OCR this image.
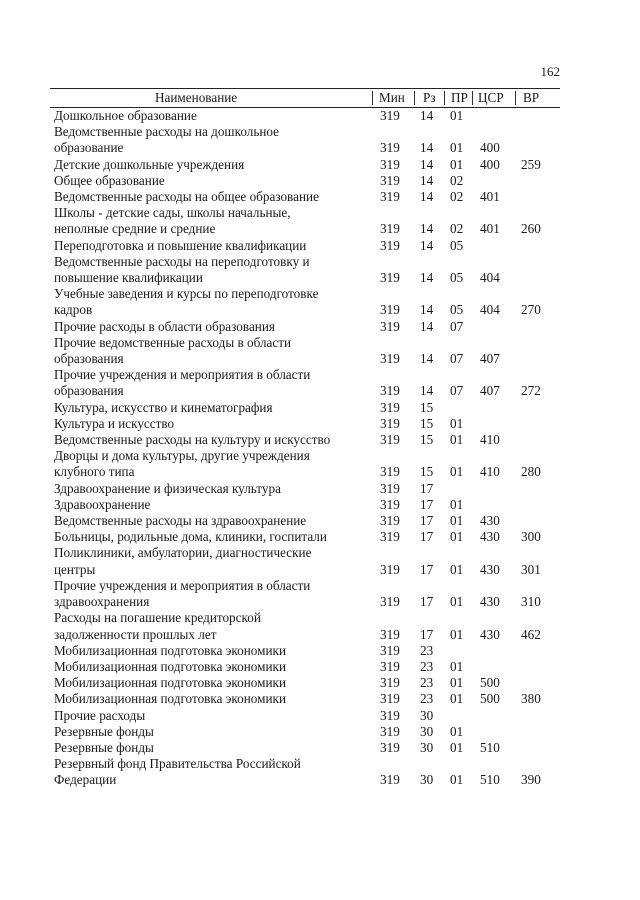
162
Наименование	Мин Рз ПР ЦСР ВР
Дошкольное образование	319 14 01
Ведомственные расходы на дошкольное
образование	319 14 01 400
Детские дошкольные учреждения	319 14 01 400 259
Общее образование	319 14 02
Ведомственные расходы на общее образование	319 14 02 401
Школы - детские сады, школы начальные,
неполные средние и средние	319 14 02 401 260
Переподготовка и повышение квалификации	319 14 05
Ведомственные расходы на переподготовку и
повышение квалификации	319 14 05 404
Учебные заведения и курсы по переподготовке
кадров	319 14 05 404 270
Прочие расходы в области образования	319 14 07
Прочие ведомственные расходы в области
образования	319 14 07 407
Прочие учреждения и мероприятия в области
образования	319 14 07 407 272
Культура, искусство и кинематография	319 15
Культура и искусство	319 15 01
Ведомственные расходы на культуру и искусство	319 15 01 410
Дворцы и дома культуры, другие учреждения
клубного типа	319 15 01 410 280
Здравоохранение и физическая культура	319 17
Здравоохранение	319 17 01
Ведомственные расходы на здравоохранение	319 17 01 430
Больницы, родильные дома, клиники, госпитали	319 17 01 430 300
Поликлиники, амбулатории, диагностические
центры	319 17 01 430 301
Прочие учреждения и мероприятия в области
здравоохранения	319 17 01 430 310
Расходы на погашение кредиторской
задолженности прошлых лет	319 17 01 430 462
Мобилизационная подготовка экономики	319 23
Мобилизационная подготовка экономики	319 23 01
Мобилизационная подготовка экономики	319 23 01 500
Мобилизационная подготовка экономики	319 23 01 500 380
Прочие расходы	319 30
Резервные фонды	319 30 01
Резервные фонды	319 30 01 510
Резервный фонд Правительства Российской
Федерации	319 30 01 510 390
